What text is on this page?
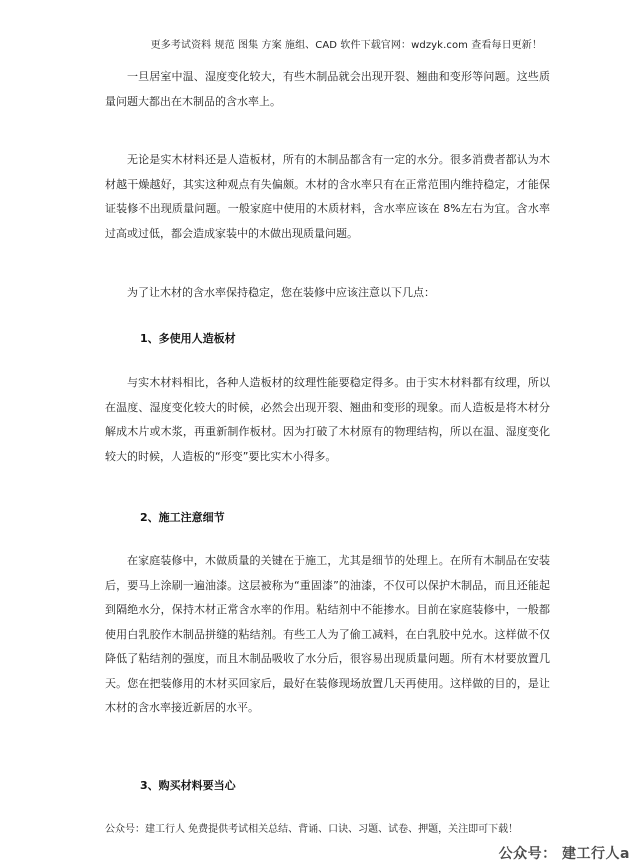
更多考试资料 规范 图集 方案 施组、CAD 软件下载官网：wdzyk.com 查看每日更新！

一旦居室中温、湿度变化较大，有些木制品就会出现开裂、翘曲和变形等问题。这些质量问题大都出在木制品的含水率上。

无论是实木材料还是人造板材，所有的木制品都含有一定的水分。很多消费者都认为木材越干燥越好，其实这种观点有失偏颇。木材的含水率只有在正常范围内维持稳定，才能保证装修不出现质量问题。一般家庭中使用的木质材料，含水率应该在 8%左右为宜。含水率过高或过低，都会造成家装中的木做出现质量问题。

为了让木材的含水率保持稳定，您在装修中应该注意以下几点：

1、多使用人造板材

与实木材料相比，各种人造板材的纹理性能要稳定得多。由于实木材料都有纹理，所以在温度、湿度变化较大的时候，必然会出现开裂、翘曲和变形的现象。而人造板是将木材分解成木片或木浆，再重新制作板材。因为打破了木材原有的物理结构，所以在温、湿度变化较大的时候，人造板的“形变”要比实木小得多。

2、施工注意细节

在家庭装修中，木做质量的关键在于施工，尤其是细节的处理上。在所有木制品在安装后，要马上涂刷一遍油漆。这层被称为“重固漆”的油漆，不仅可以保护木制品，而且还能起到隔绝水分，保持木材正常含水率的作用。粘结剂中不能掺水。目前在家庭装修中，一般都使用白乳胶作木制品拼缝的粘结剂。有些工人为了偷工减料，在白乳胶中兑水。这样做不仅降低了粘结剂的强度，而且木制品吸收了水分后，很容易出现质量问题。所有木材要放置几天。您在把装修用的木材买回家后，最好在装修现场放置几天再使用。这样做的目的，是让木材的含水率接近新居的水平。

3、购买材料要当心

公众号：建工行人 免费提供考试相关总结、背诵、口诀、习题、试卷、押题，关注即可下载！
公众号： 建工行人a
